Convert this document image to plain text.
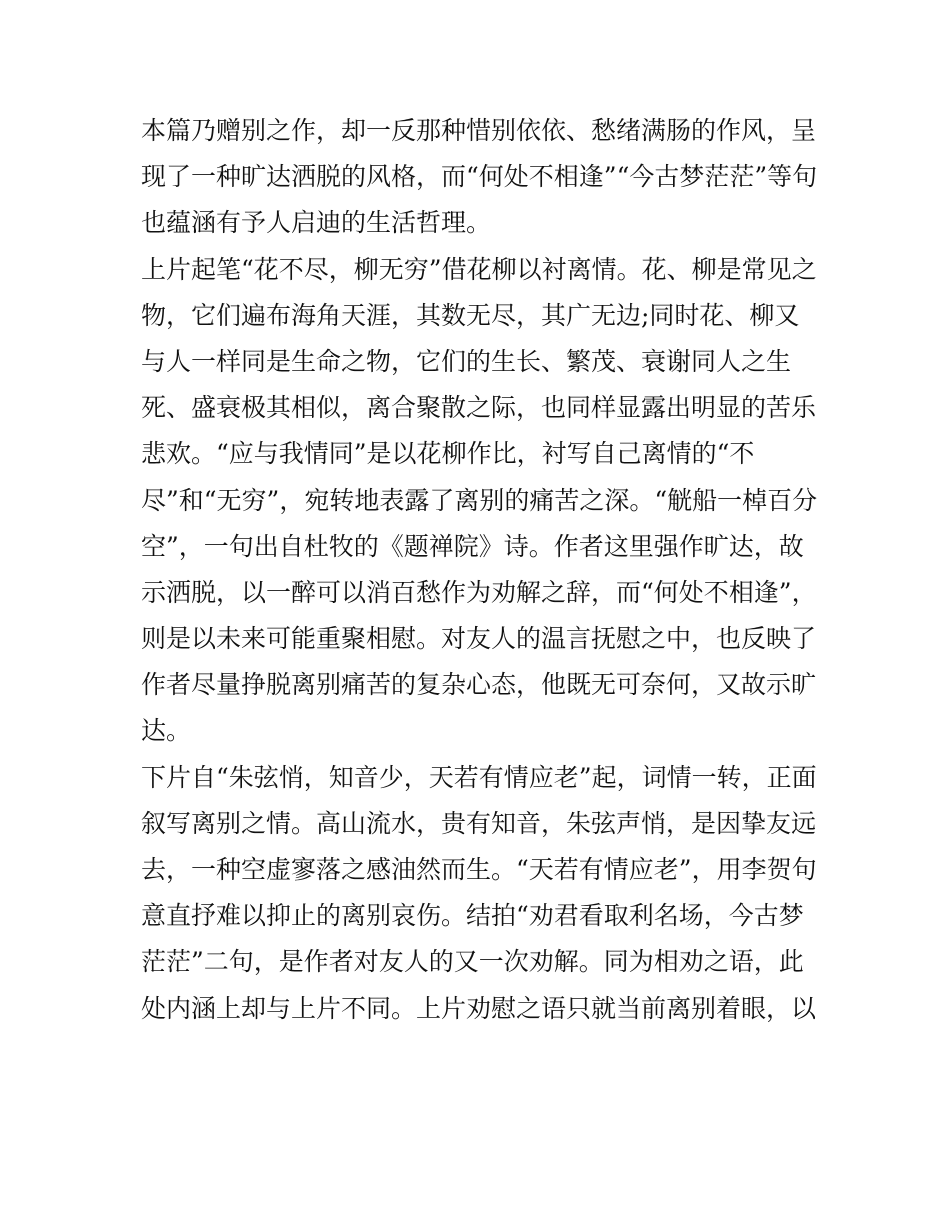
本篇乃赠别之作，却一反那种惜别依依、愁绪满肠的作风，呈
现了一种旷达洒脱的风格，而“何处不相逢”“今古梦茫茫”等句
也蕴涵有予人启迪的生活哲理。
上片起笔“花不尽，柳无穷”借花柳以衬离情。花、柳是常见之
物，它们遍布海角天涯，其数无尽，其广无边;同时花、柳又
与人一样同是生命之物，它们的生长、繁茂、衰谢同人之生
死、盛衰极其相似，离合聚散之际，也同样显露出明显的苦乐
悲欢。“应与我情同”是以花柳作比，衬写自己离情的“不
尽”和“无穷”，宛转地表露了离别的痛苦之深。“觥船一棹百分
空”，一句出自杜牧的《题禅院》诗。作者这里强作旷达，故
示洒脱，以一醉可以消百愁作为劝解之辞，而“何处不相逢”，
则是以未来可能重聚相慰。对友人的温言抚慰之中，也反映了
作者尽量挣脱离别痛苦的复杂心态，他既无可奈何，又故示旷
达。
下片自“朱弦悄，知音少，天若有情应老”起，词情一转，正面
叙写离别之情。高山流水，贵有知音，朱弦声悄，是因挚友远
去，一种空虚寥落之感油然而生。“天若有情应老”，用李贺句
意直抒难以抑止的离别哀伤。结拍“劝君看取利名场，今古梦
茫茫”二句，是作者对友人的又一次劝解。同为相劝之语，此
处内涵上却与上片不同。上片劝慰之语只就当前离别着眼，以
